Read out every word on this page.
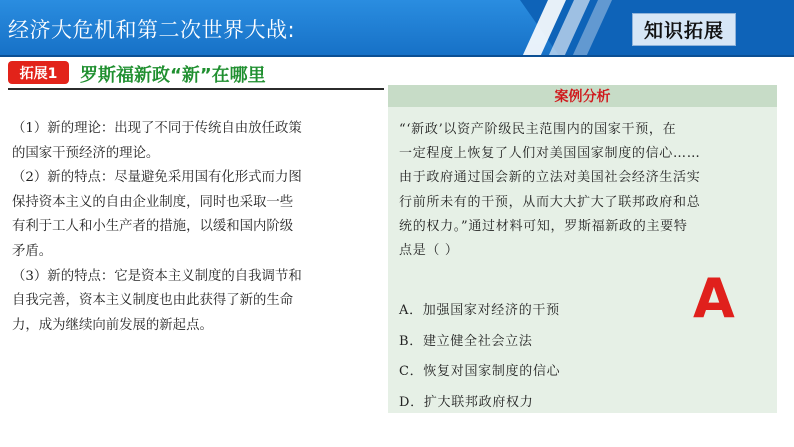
经济大危机和第二次世界大战:	知识拓展
拓展1	罗斯福新政“新”在哪里

（1）新的理论：出现了不同于传统自由放任政策

的国家干预经济的理论。

（2）新的特点：尽量避免采用国有化形式而力图

保持资本主义的自由企业制度，同时也采取一些

有利于工人和小生产者的措施，以缓和国内阶级

矛盾。

（3）新的特点：它是资本主义制度的自我调节和

自我完善，资本主义制度也由此获得了新的生命

力，成为继续向前发展的新起点。

案例分析

“‘新政’以资产阶级民主范围内的国家干预，在

一定程度上恢复了人们对美国国家制度的信心……

由于政府通过国会新的立法对美国社会经济生活实

行前所未有的干预，从而大大扩大了联邦政府和总

统的权力。”通过材料可知，罗斯福新政的主要特

点是（ ）

A．加强国家对经济的干预
B．建立健全社会立法
C．恢复对国家制度的信心
D．扩大联邦政府权力
A
